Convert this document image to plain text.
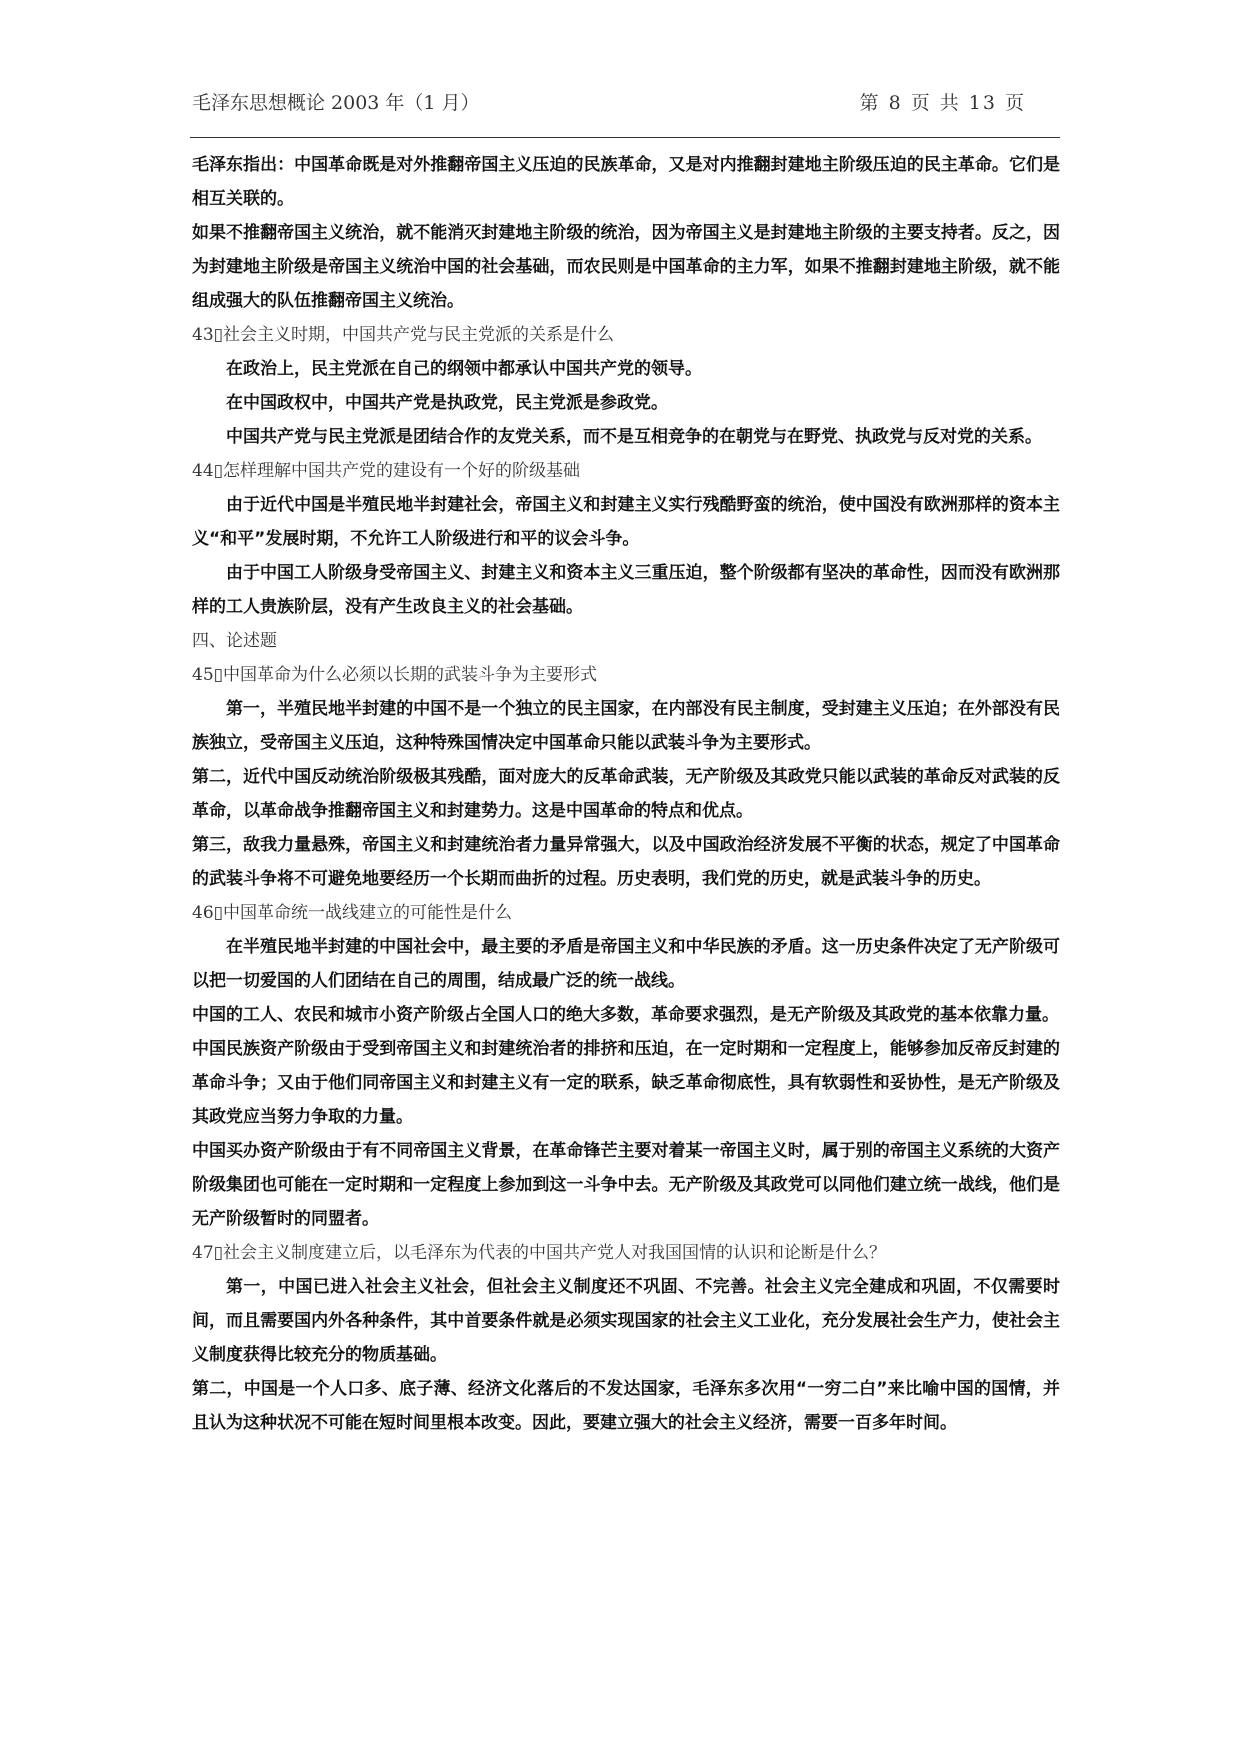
毛泽东思想概论 2003 年（1 月）	第 8 页 共 13 页

毛泽东指出：中国革命既是对外推翻帝国主义压迫的民族革命，又是对内推翻封建地主阶级压迫的民主革命。它们是相互关联的。

如果不推翻帝国主义统治，就不能消灭封建地主阶级的统治，因为帝国主义是封建地主阶级的主要支持者。反之，因为封建地主阶级是帝国主义统治中国的社会基础，而农民则是中国革命的主力军，如果不推翻封建地主阶级，就不能组成强大的队伍推翻帝国主义统治。

43▯社会主义时期，中国共产党与民主党派的关系是什么

在政治上，民主党派在自己的纲领中都承认中国共产党的领导。

在中国政权中，中国共产党是执政党，民主党派是参政党。

中国共产党与民主党派是团结合作的友党关系，而不是互相竞争的在朝党与在野党、执政党与反对党的关系。

44▯怎样理解中国共产党的建设有一个好的阶级基础

由于近代中国是半殖民地半封建社会，帝国主义和封建主义实行残酷野蛮的统治，使中国没有欧洲那样的资本主义“和平”发展时期，不允许工人阶级进行和平的议会斗争。

由于中国工人阶级身受帝国主义、封建主义和资本主义三重压迫，整个阶级都有坚决的革命性，因而没有欧洲那样的工人贵族阶层，没有产生改良主义的社会基础。

四、论述题

45▯中国革命为什么必须以长期的武装斗争为主要形式

第一，半殖民地半封建的中国不是一个独立的民主国家，在内部没有民主制度，受封建主义压迫；在外部没有民族独立，受帝国主义压迫，这种特殊国情决定中国革命只能以武装斗争为主要形式。

第二，近代中国反动统治阶级极其残酷，面对庞大的反革命武装，无产阶级及其政党只能以武装的革命反对武装的反革命，以革命战争推翻帝国主义和封建势力。这是中国革命的特点和优点。

第三，敌我力量悬殊，帝国主义和封建统治者力量异常强大，以及中国政治经济发展不平衡的状态，规定了中国革命的武装斗争将不可避免地要经历一个长期而曲折的过程。历史表明，我们党的历史，就是武装斗争的历史。

46▯中国革命统一战线建立的可能性是什么

在半殖民地半封建的中国社会中，最主要的矛盾是帝国主义和中华民族的矛盾。这一历史条件决定了无产阶级可以把一切爱国的人们团结在自己的周围，结成最广泛的统一战线。

中国的工人、农民和城市小资产阶级占全国人口的绝大多数，革命要求强烈，是无产阶级及其政党的基本依靠力量。

中国民族资产阶级由于受到帝国主义和封建统治者的排挤和压迫，在一定时期和一定程度上，能够参加反帝反封建的革命斗争；又由于他们同帝国主义和封建主义有一定的联系，缺乏革命彻底性，具有软弱性和妥协性，是无产阶级及其政党应当努力争取的力量。

中国买办资产阶级由于有不同帝国主义背景，在革命锋芒主要对着某一帝国主义时，属于别的帝国主义系统的大资产阶级集团也可能在一定时期和一定程度上参加到这一斗争中去。无产阶级及其政党可以同他们建立统一战线，他们是无产阶级暂时的同盟者。

47▯社会主义制度建立后，以毛泽东为代表的中国共产党人对我国国情的认识和论断是什么？

第一，中国已进入社会主义社会，但社会主义制度还不巩固、不完善。社会主义完全建成和巩固，不仅需要时间，而且需要国内外各种条件，其中首要条件就是必须实现国家的社会主义工业化，充分发展社会生产力，使社会主义制度获得比较充分的物质基础。

第二，中国是一个人口多、底子薄、经济文化落后的不发达国家，毛泽东多次用“一穷二白”来比喻中国的国情，并且认为这种状况不可能在短时间里根本改变。因此，要建立强大的社会主义经济，需要一百多年时间。
